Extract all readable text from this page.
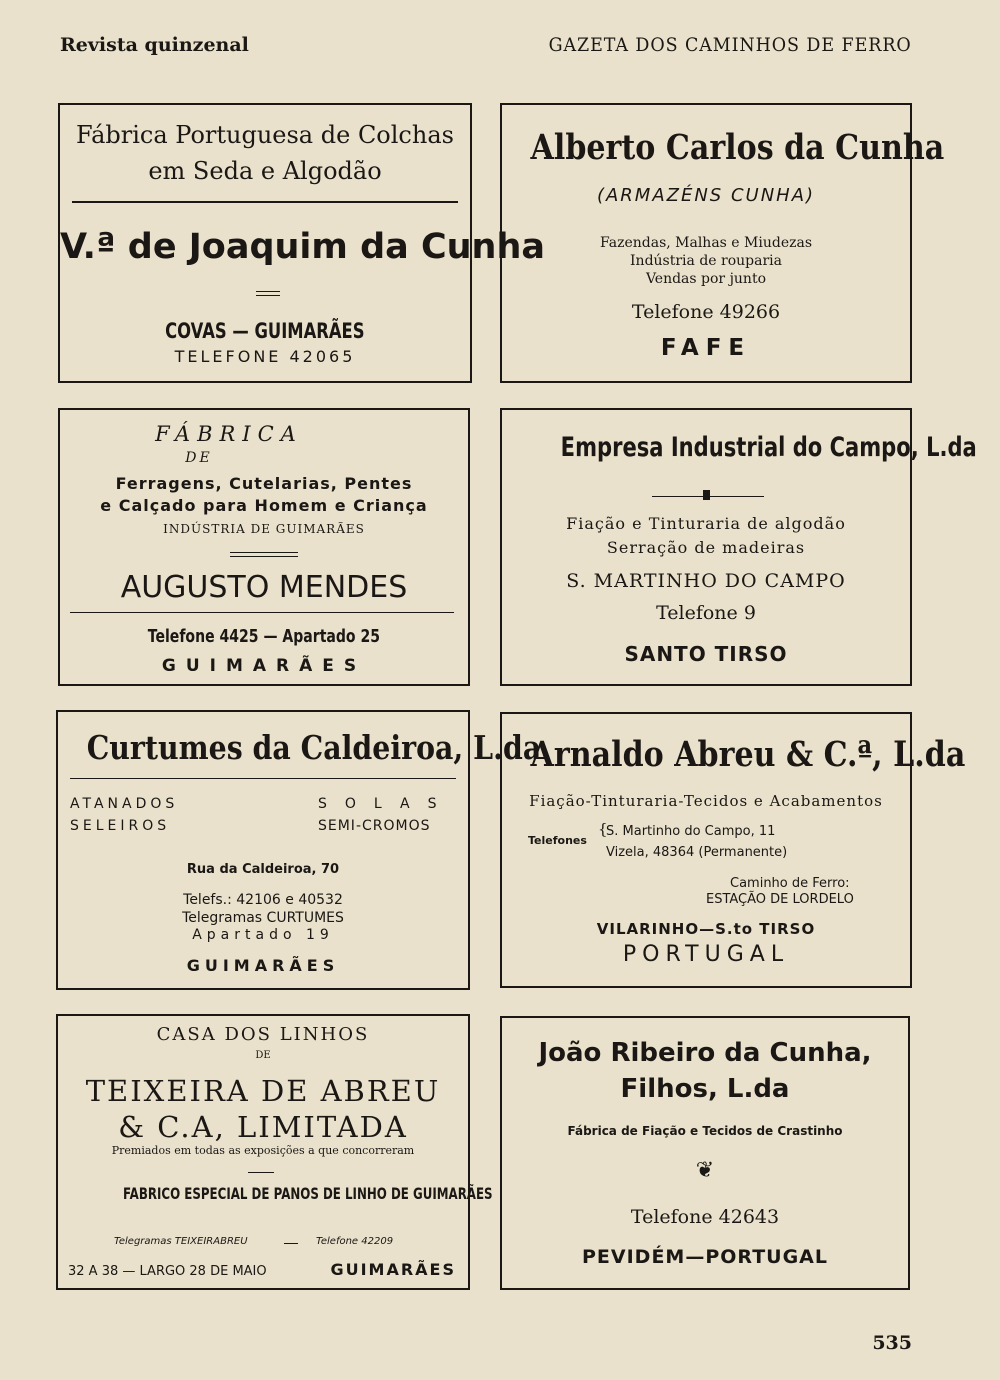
Revista quinzenal	GAZETA DOS CAMINHOS DE FERRO
Fábrica Portuguesa de Colchas
em Seda e Algodão
V.ª de Joaquim da Cunha
COVAS — GUIMARÃES
TELEFONE 42065
Alberto Carlos da Cunha
(ARMAZÉNS CUNHA)
Fazendas, Malhas e Miudezas
Indústria de rouparia
Vendas por junto
Telefone 49266
FAFE
FÁBRICA
DE
Ferragens, Cutelarias, Pentes
e Calçado para Homem e Criança
INDÚSTRIA DE GUIMARÃES
AUGUSTO MENDES
Telefone 4425 — Apartado 25
GUIMARÃES
Empresa Industrial do Campo, L.da
Fiação e Tinturaria de algodão
Serração de madeiras
S. MARTINHO DO CAMPO
Telefone 9
SANTO TIRSO
Curtumes da Caldeiroa, L.da
ATANADOS
SELEIROS
SOLAS
SEMI-CROMOS
Rua da Caldeiroa, 70
Telefs.: 42106 e 40532
Telegramas CURTUMES
Apartado 19
GUIMARÃES
Arnaldo Abreu & C.ª, L.da
Fiação-Tinturaria-Tecidos e Acabamentos
Telefones
{
S. Martinho do Campo, 11
Vizela, 48364 (Permanente)
Caminho de Ferro:
ESTAÇÃO DE LORDELO
VILARINHO—S.to TIRSO
PORTUGAL
CASA DOS LINHOS
DE
TEIXEIRA DE ABREU
& C.A, LIMITADA
Premiados em todas as exposições a que concorreram
FABRICO ESPECIAL DE PANOS DE LINHO DE GUIMARÃES
Telegramas TEIXEIRABREU	Telefone 42209
32 A 38 — LARGO 28 DE MAIO	GUIMARÃES
João Ribeiro da Cunha,
Filhos, L.da
Fábrica de Fiação e Tecidos de Crastinho
❦
Telefone 42643
PEVIDÉM—PORTUGAL
535
